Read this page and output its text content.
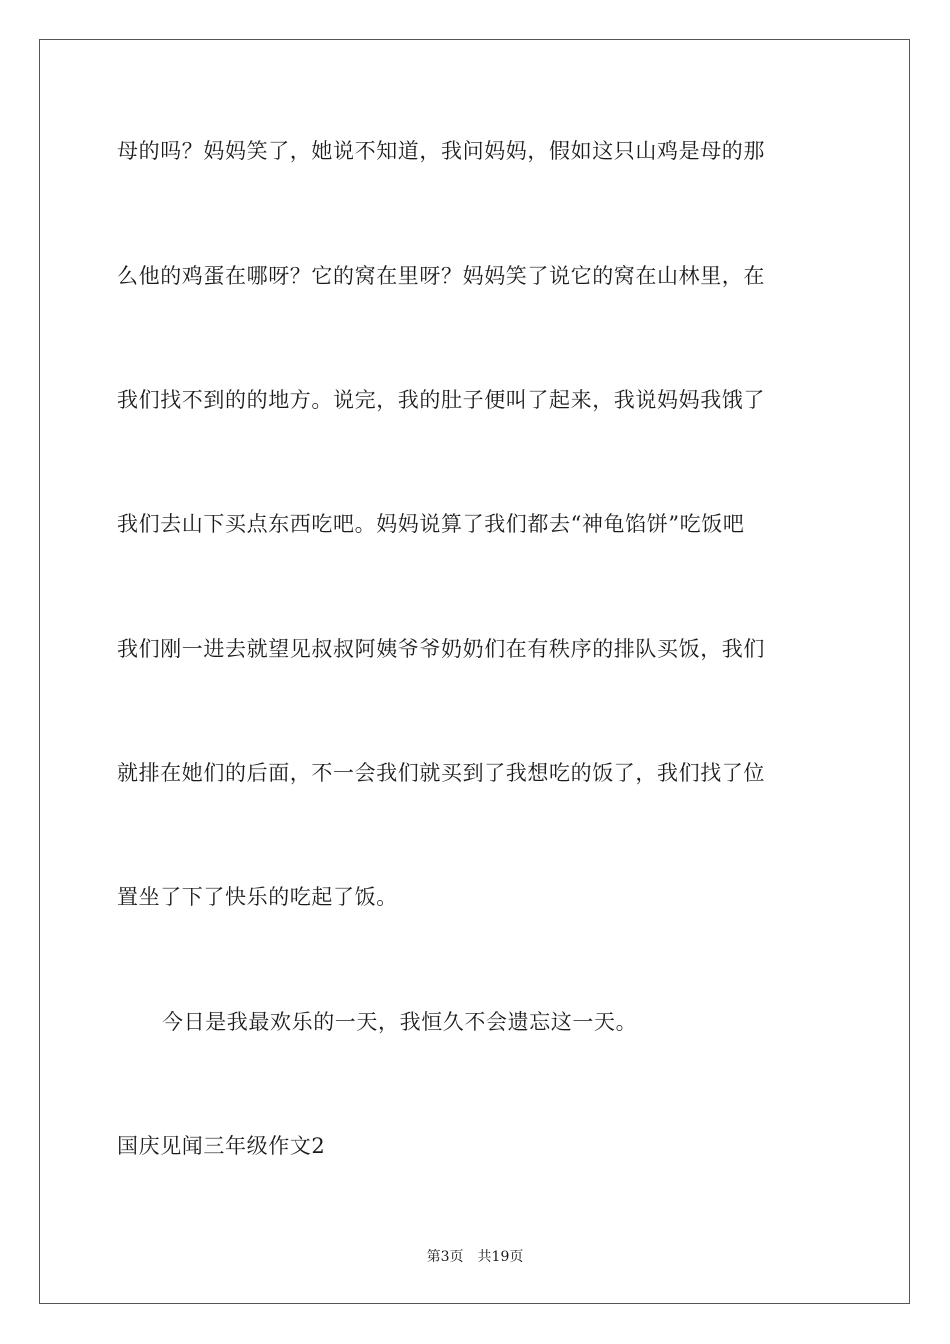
母的吗？妈妈笑了，她说不知道，我问妈妈，假如这只山鸡是母的那
么他的鸡蛋在哪呀？它的窝在里呀？妈妈笑了说它的窝在山林里，在
我们找不到的的地方。说完，我的肚子便叫了起来，我说妈妈我饿了
我们去山下买点东西吃吧。妈妈说算了我们都去“神龟馅饼”吃饭吧
我们刚一进去就望见叔叔阿姨爷爷奶奶们在有秩序的排队买饭，我们
就排在她们的后面，不一会我们就买到了我想吃的饭了，我们找了位
置坐了下了快乐的吃起了饭。
今日是我最欢乐的一天，我恒久不会遗忘这一天。
国庆见闻三年级作文2
第3页 共19页
